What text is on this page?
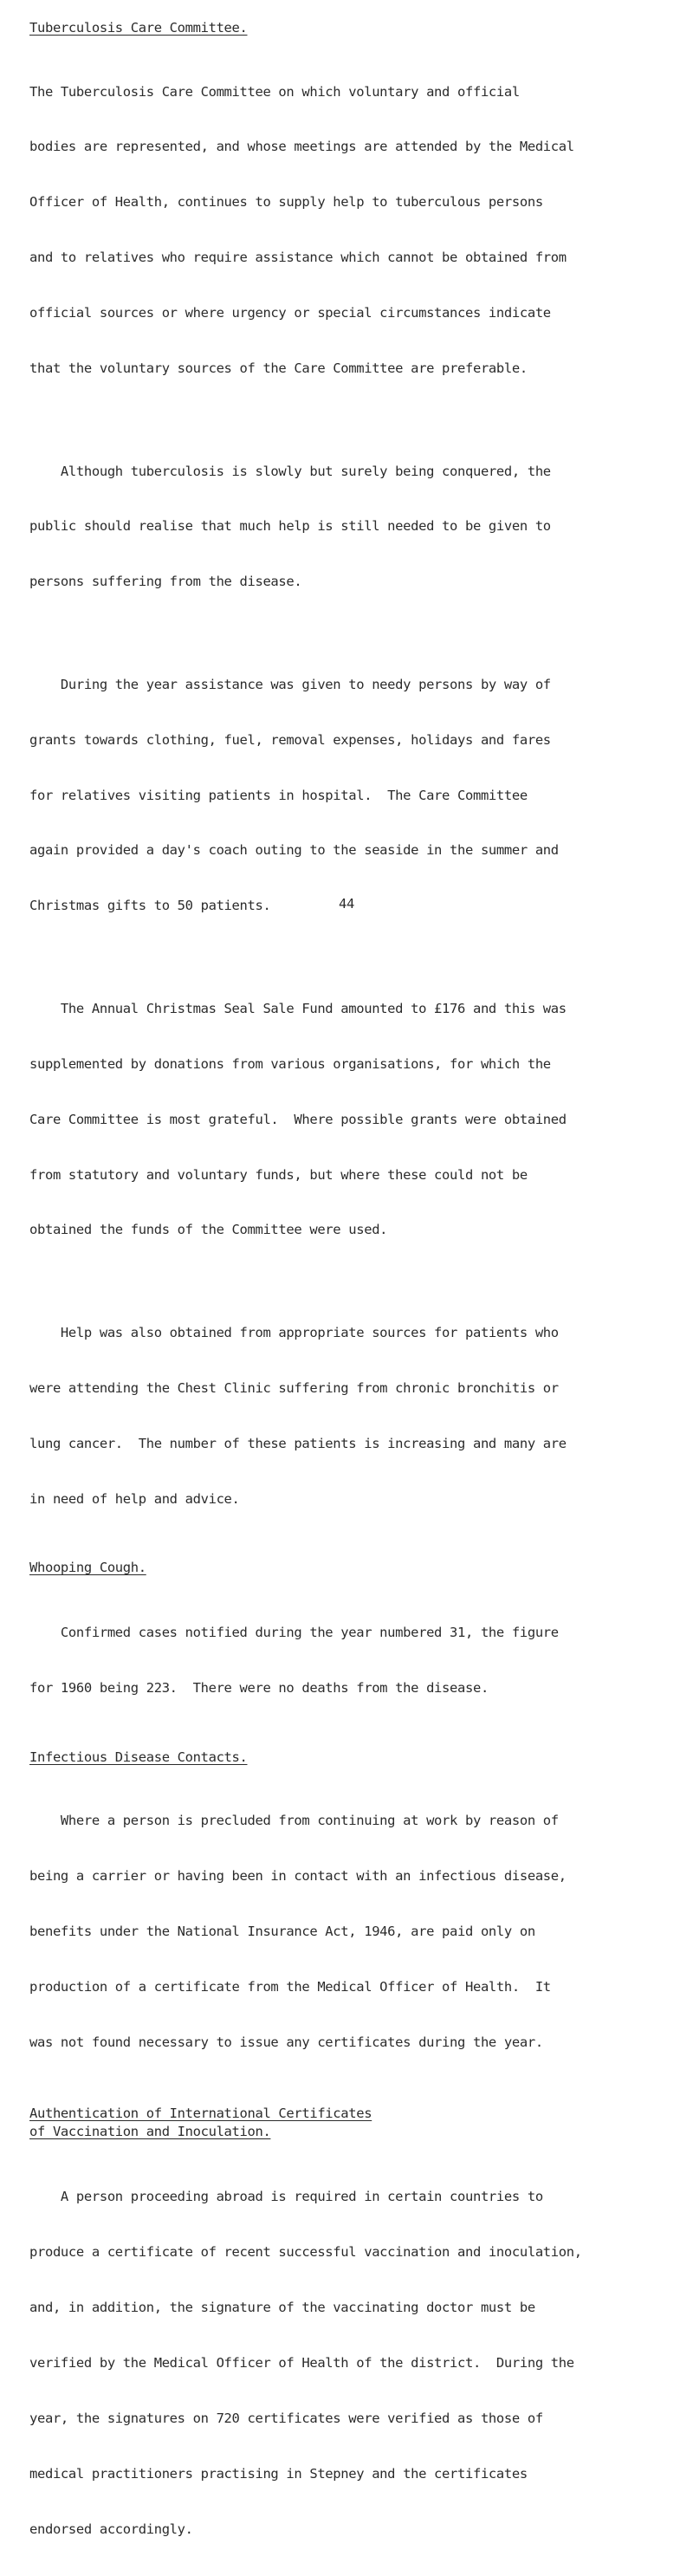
Tuberculosis Care Committee.

The Tuberculosis Care Committee on which voluntary and official

bodies are represented, and whose meetings are attended by the Medical

Officer of Health, continues to supply help to tuberculous persons

and to relatives who require assistance which cannot be obtained from

official sources or where urgency or special circumstances indicate

that the voluntary sources of the Care Committee are preferable.

Although tuberculosis is slowly but surely being conquered, the

public should realise that much help is still needed to be given to

persons suffering from the disease.

During the year assistance was given to needy persons by way of

grants towards clothing, fuel, removal expenses, holidays and fares

for relatives visiting patients in hospital.  The Care Committee

again provided a day's coach outing to the seaside in the summer and

Christmas gifts to 50 patients.

The Annual Christmas Seal Sale Fund amounted to £176 and this was

supplemented by donations from various organisations, for which the

Care Committee is most grateful.  Where possible grants were obtained

from statutory and voluntary funds, but where these could not be

obtained the funds of the Committee were used.

Help was also obtained from appropriate sources for patients who

were attending the Chest Clinic suffering from chronic bronchitis or

lung cancer.  The number of these patients is increasing and many are

in need of help and advice.

Whooping Cough.

Confirmed cases notified during the year numbered 31, the figure

for 1960 being 223.  There were no deaths from the disease.

Infectious Disease Contacts.

Where a person is precluded from continuing at work by reason of

being a carrier or having been in contact with an infectious disease,

benefits under the National Insurance Act, 1946, are paid only on

production of a certificate from the Medical Officer of Health.  It

was not found necessary to issue any certificates during the year.

Authentication of International Certificates

of Vaccination and Inoculation.

A person proceeding abroad is required in certain countries to

produce a certificate of recent successful vaccination and inoculation,

and, in addition, the signature of the vaccinating doctor must be

verified by the Medical Officer of Health of the district.  During the

year, the signatures on 720 certificates were verified as those of

medical practitioners practising in Stepney and the certificates

endorsed accordingly.

44
